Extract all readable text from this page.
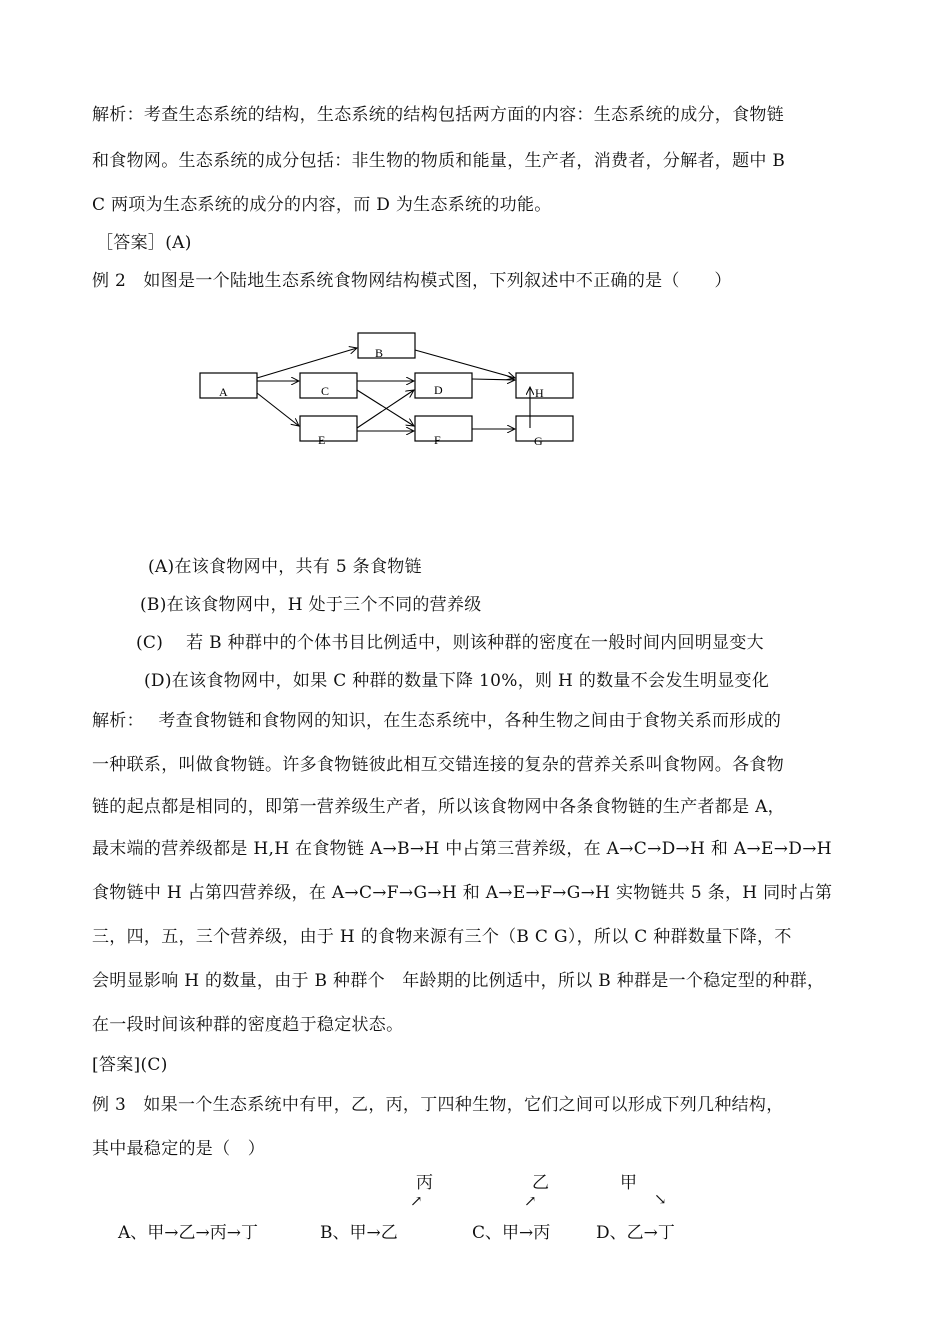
解析：考查生态系统的结构，生态系统的结构包括两方面的内容：生态系统的成分，食物链
和食物网。生态系统的成分包括：非生物的物质和能量，生产者，消费者，分解者，题中 B
C 两项为生态系统的成分的内容，而 D 为生态系统的功能。
［答案］(A)
例 2　如图是一个陆地生态系统食物网结构模式图，下列叙述中不正确的是（　　）
A
B
C	D	H
E	F	G
(A)在该食物网中，共有 5 条食物链
(B)在该食物网中，H 处于三个不同的营养级
(C)　 若 B 种群中的个体书目比例适中，则该种群的密度在一般时间内回明显变大
(D)在该食物网中，如果 C 种群的数量下降 10%，则 H 的数量不会发生明显变化
解析：　 考查食物链和食物网的知识，在生态系统中，各种生物之间由于食物关系而形成的
一种联系，叫做食物链。许多食物链彼此相互交错连接的复杂的营养关系叫食物网。各食物
链的起点都是相同的，即第一营养级生产者，所以该食物网中各条食物链的生产者都是 A，
最末端的营养级都是 H,H 在食物链 A→B→H 中占第三营养级，在 A→C→D→H 和 A→E→D→H
食物链中 H 占第四营养级，在 A→C→F→G→H 和 A→E→F→G→H 实物链共 5 条，H 同时占第
三，四，五，三个营养级，由于 H 的食物来源有三个（B C G），所以 C 种群数量下降，不
会明显影响 H 的数量，由于 B 种群个　年龄期的比例适中，所以 B 种群是一个稳定型的种群，
在一段时间该种群的密度趋于稳定状态。
[答案](C)
例 3　如果一个生态系统中有甲，乙，丙，丁四种生物，它们之间可以形成下列几种结构，
其中最稳定的是（　）
丙	乙	甲
↗	↗	↘
A、甲→乙→丙→丁	B、甲→乙	C、甲→丙	D、乙→丁
